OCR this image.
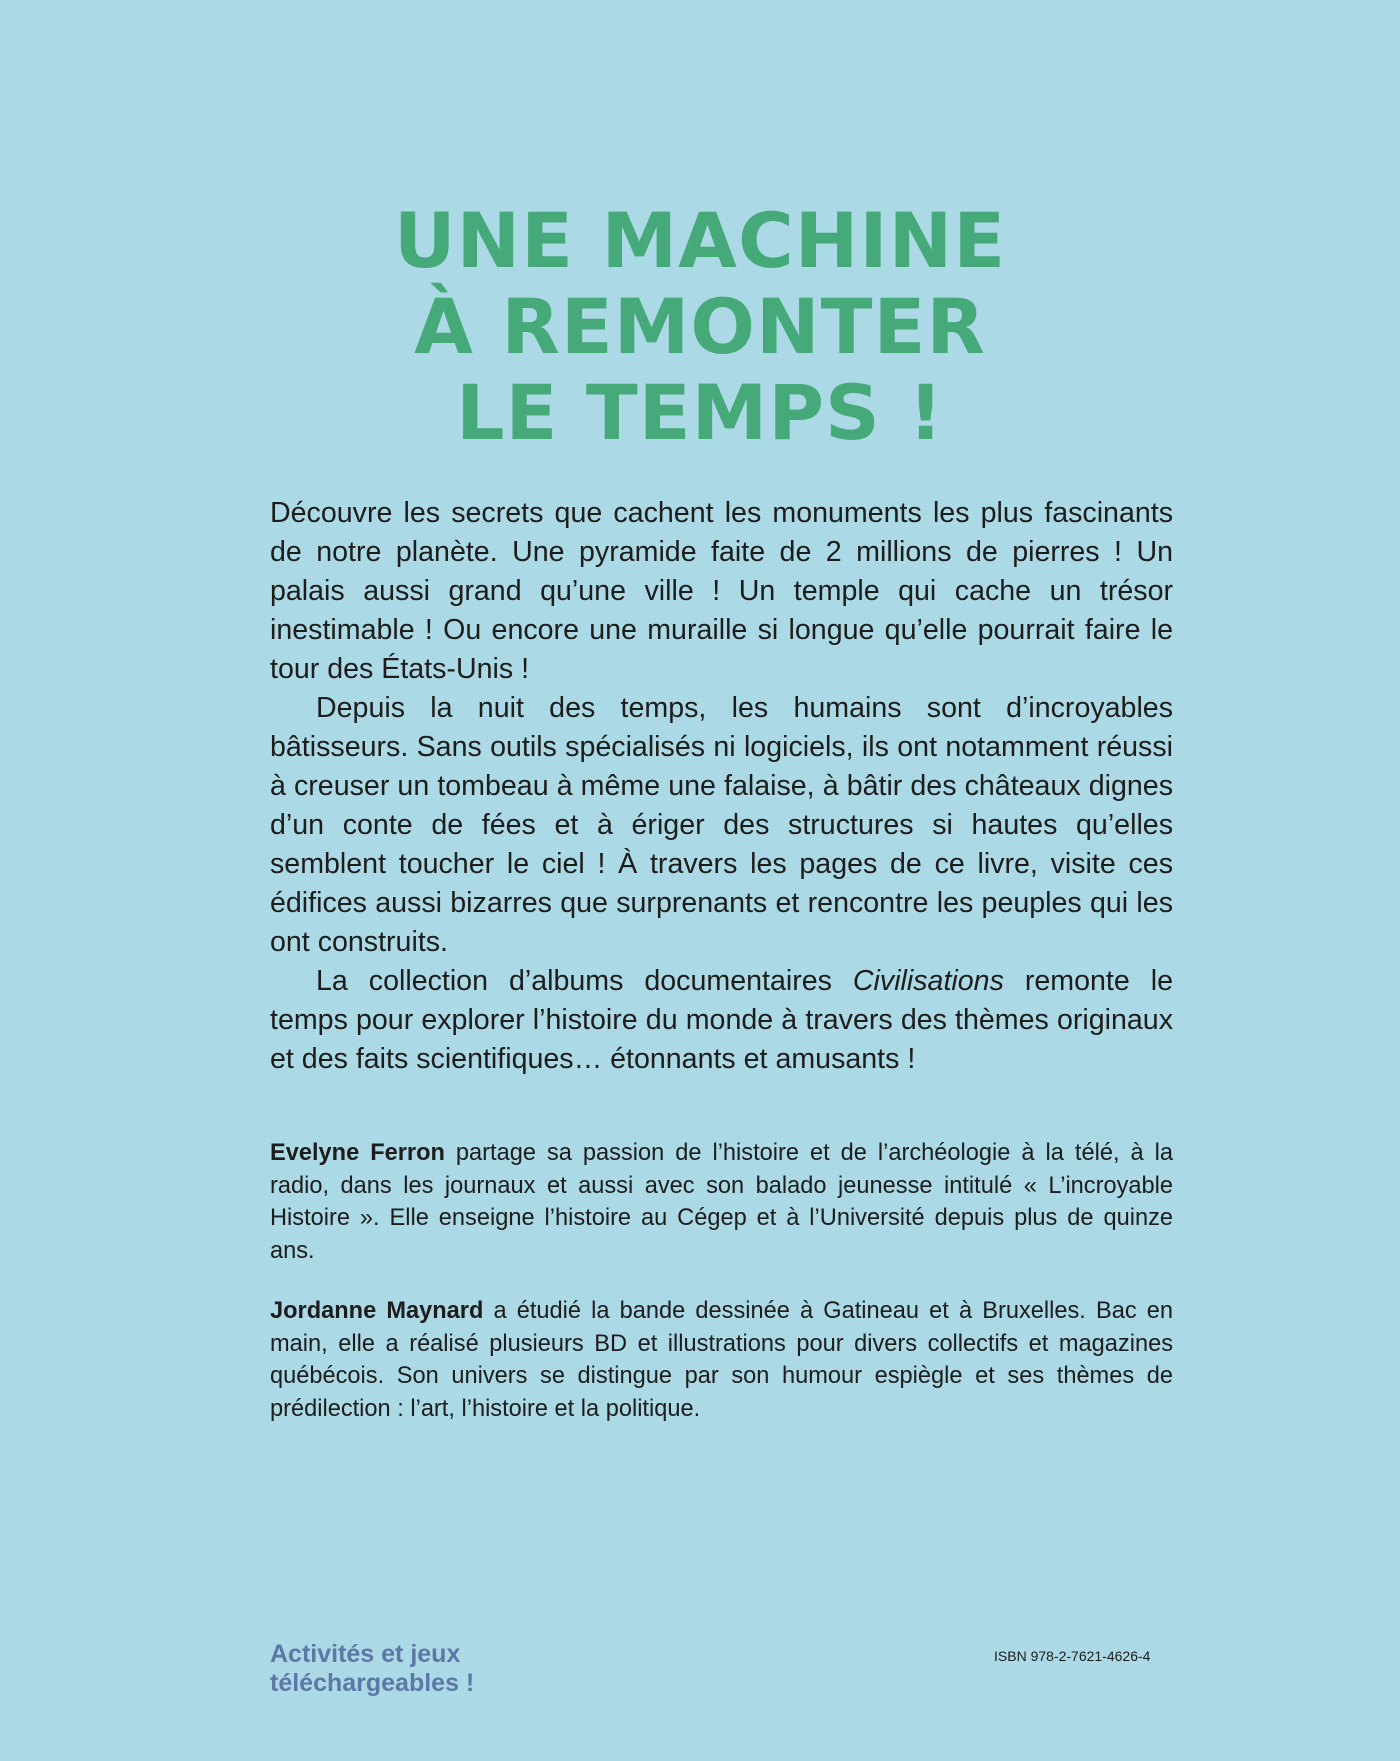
UNE MACHINE
À REMONTER
LE TEMPS !

Découvre les secrets que cachent les monuments les plus fascinants de notre planète. Une pyramide faite de 2 millions de pierres ! Un palais aussi grand qu’une ville ! Un temple qui cache un trésor inestimable ! Ou encore une muraille si longue qu’elle pourrait faire le tour des États-Unis !

Depuis la nuit des temps, les humains sont d’incroyables bâtisseurs. Sans outils spécialisés ni logiciels, ils ont notamment réussi à creuser un tombeau à même une falaise, à bâtir des châteaux dignes d’un conte de fées et à ériger des structures si hautes qu’elles semblent toucher le ciel ! À travers les pages de ce livre, visite ces édifices aussi bizarres que surprenants et rencontre les peuples qui les ont construits.

La collection d’albums documentaires Civilisations remonte le temps pour explorer l’histoire du monde à travers des thèmes originaux et des faits scientifiques… étonnants et amusants !

Evelyne Ferron partage sa passion de l’histoire et de l’archéologie à la télé, à la radio, dans les journaux et aussi avec son balado jeunesse intitulé « L’incroyable Histoire ». Elle enseigne l’histoire au Cégep et à l’Université depuis plus de quinze ans.

Jordanne Maynard a étudié la bande dessinée à Gatineau et à Bruxelles. Bac en main, elle a réalisé plusieurs BD et illustrations pour divers collectifs et magazines québécois. Son univers se distingue par son humour espiègle et ses thèmes de prédilection : l’art, l’histoire et la politique.

Activités et jeux
téléchargeables !

ISBN 978-2-7621-4626-4
